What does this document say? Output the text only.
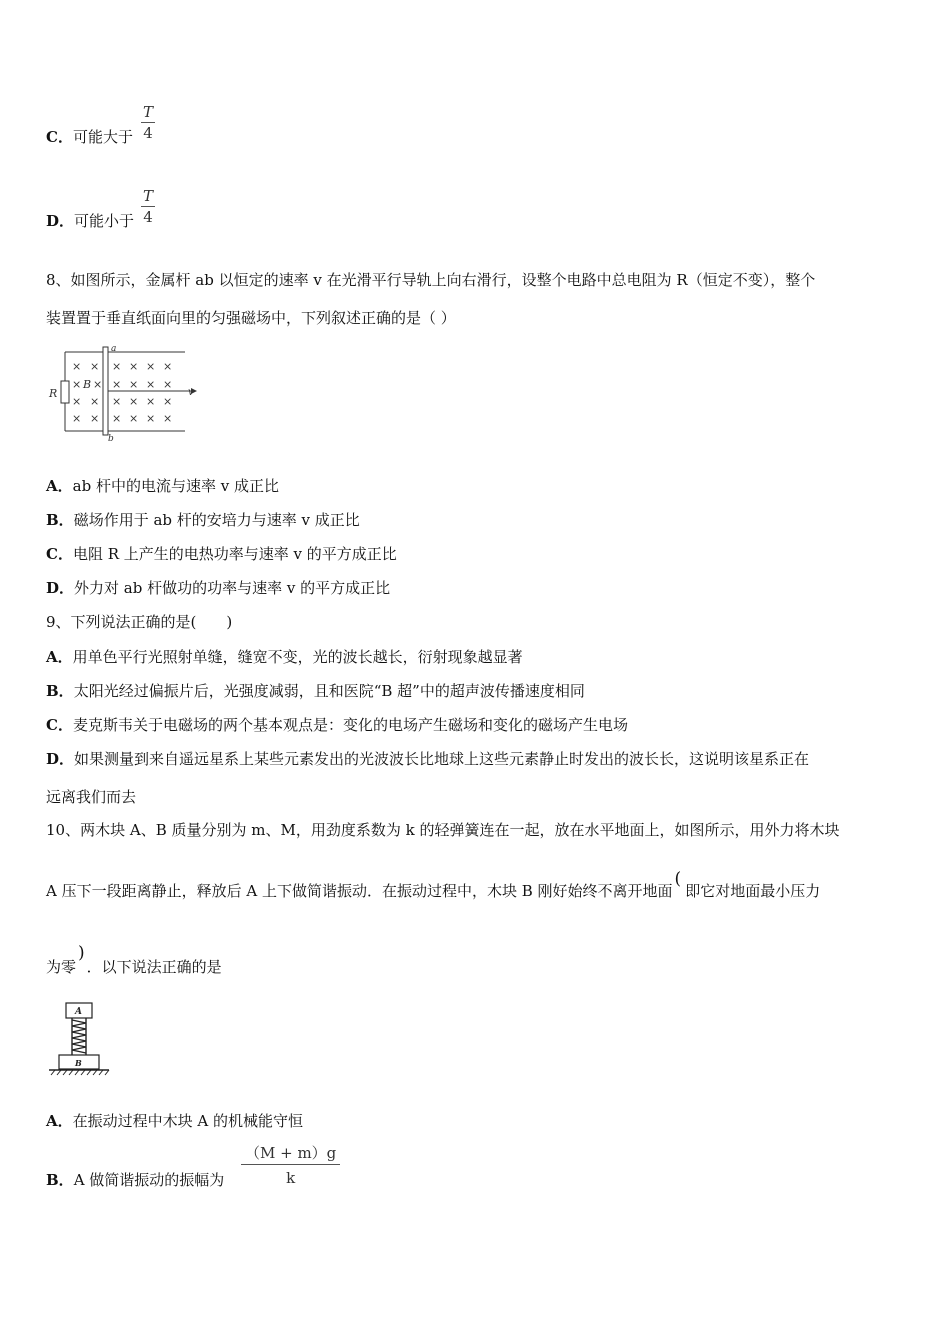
$\frac{T}{4}$
C．可能大于
$\frac{T}{4}$
D．可能小于
8、如图所示，金属杆 ab 以恒定的速率 v 在光滑平行导轨上向右滑行，设整个电路中总电阻为 R（恒定不变），整个
装置置于垂直纸面向里的匀强磁场中，下列叙述正确的是（ ）
R
a
b
v
B
× ×
× ×
× ×
× ×
× × × ×
× × × ×
× × × ×
× × × ×
A．ab 杆中的电流与速率 v 成正比
B．磁场作用于 ab 杆的安培力与速率 v 成正比
C．电阻 R 上产生的电热功率与速率 v 的平方成正比
D．外力对 ab 杆做功的功率与速率 v 的平方成正比
9、下列说法正确的是(　　)
A．用单色平行光照射单缝，缝宽不变，光的波长越长，衍射现象越显著
B．太阳光经过偏振片后，光强度减弱，且和医院“B 超”中的超声波传播速度相同
C．麦克斯韦关于电磁场的两个基本观点是：变化的电场产生磁场和变化的磁场产生电场
D．如果测量到来自遥远星系上某些元素发出的光波波长比地球上这些元素静止时发出的波长长，这说明该星系正在
远离我们而去
10、两木块 A、B 质量分别为 m、M，用劲度系数为 k 的轻弹簧连在一起，放在水平地面上，如图所示，用外力将木块
A 压下一段距离静止，释放后 A 上下做简谐振动．在振动过程中，木块 B 刚好始终不离开地面(即它对地面最小压力
为零)．以下说法正确的是
A
B
A．在振动过程中木块 A 的机械能守恒
$\frac{(M + m)g}{k}$
B．A 做简谐振动的振幅为
